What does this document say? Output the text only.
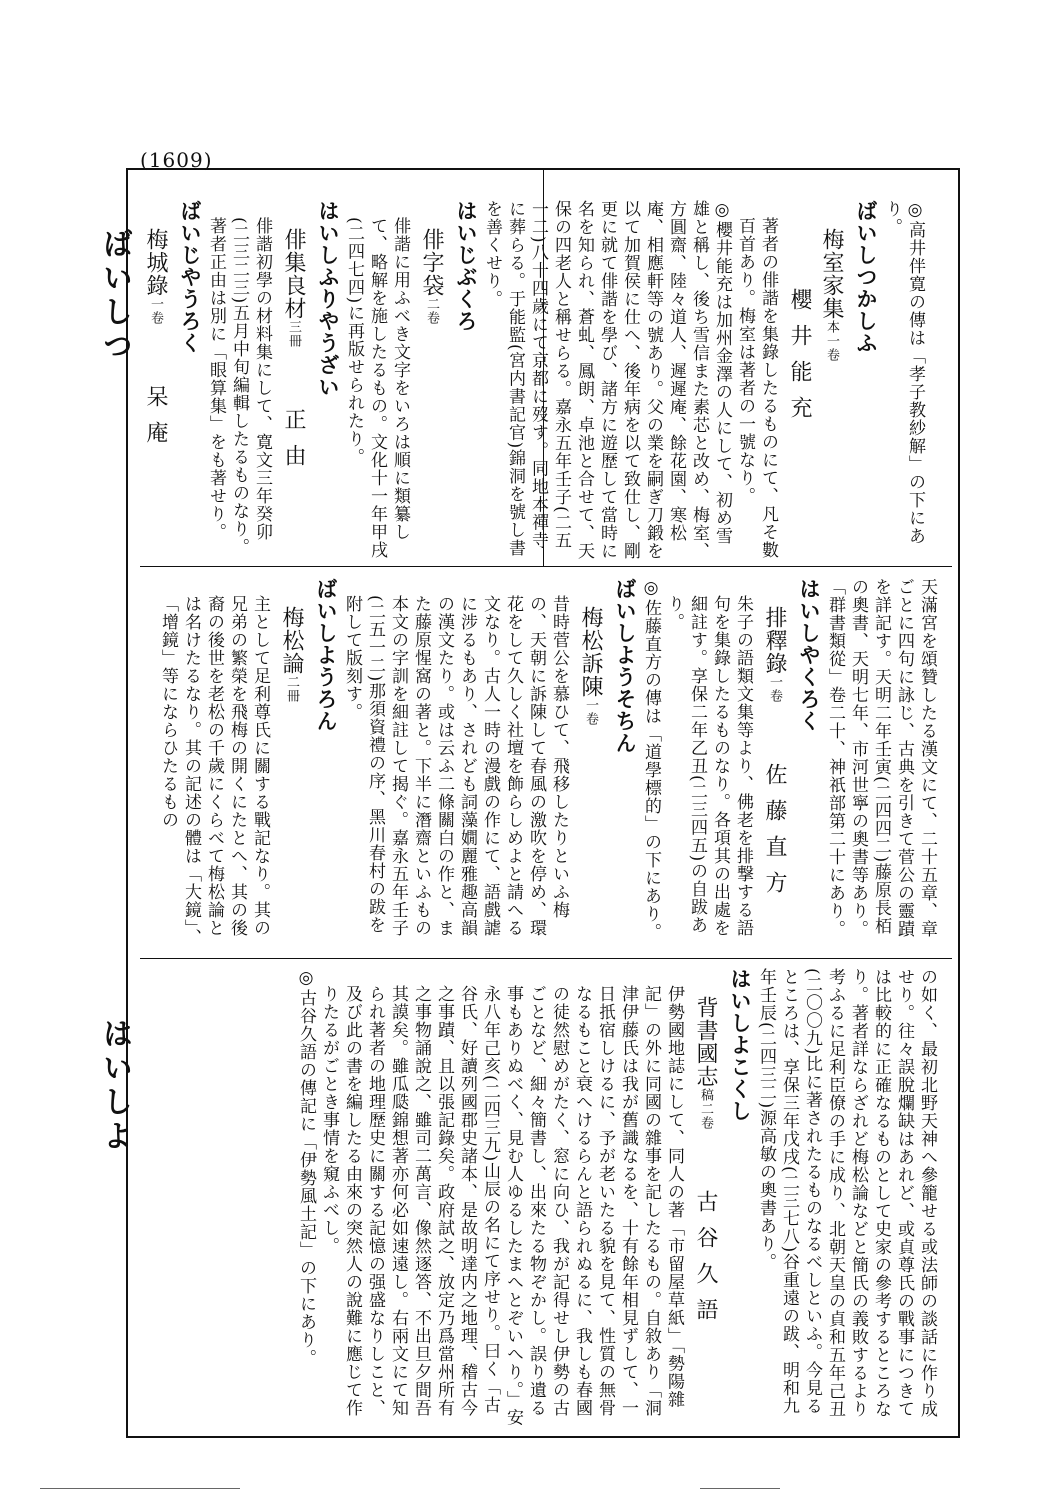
(1609)
ばいしつ
はいしよ
◎高井伴寛の傳は「孝子教紗解」の下にあり。
ばいしつかしふ
梅室家集本一卷櫻井能充
著者の俳諧を集錄したるものにて、凡そ數百首あり。梅室は著者の一號なり。
◎櫻井能充は加州金澤の人にして、初め雪雄と稱し、後ち雪信また素芯と改め、梅室、方圓齋、陸々道人、遲遲庵、餘花園、寒松庵、相應軒等の號あり。父の業を嗣ぎ刀鍛を以て加賀侯に仕へ、後年病を以て致仕し、剛更に就て俳諧を學び、諸方に遊歷して當時に名を知られ、蒼虬、鳳朗、卓池と合せて、天保の四老人と稱せらる。嘉永五年壬子(二五一二)八十四歲にて京都に歿す。同地本禪寺に葬らる。于能監(宮内書記官)錦洞を號し書を善くせり。
はいじぶくろ
俳字袋二卷
俳諧に用ふべき文字をいろは順に類纂して、略解を施したるもの。文化十一年甲戌(二四七四)に再版せられたり。
はいしふりやうざい
俳集良材三冊正由
俳諧初學の材料集にして、寛文三年癸卯(二三二三)五月中旬編輯したるものなり。著者正由は別に「眼算集」をも著せり。
ばいじやうろく
梅城錄一卷呆庵
天滿宮を頌贊したる漢文にて、二十五章、章ごとに四句に詠じ、古典を引きて菅公の靈蹟を詳記す。天明二年壬寅(二四四二)藤原長栢の奧書、天明七年、市河世寧の奧書等あり。「群書類從」卷二十、神祇部第二十にあり。
はいしやくろく
排釋錄一卷佐藤直方
朱子の語類文集等より、佛老を排撃する語句を集錄したるものなり。各項其の出處を細註す。享保二年乙丑(二三四五)の自跋あり。
◎佐藤直方の傳は「道學標的」の下にあり。
ばいしようそちん
梅松訴陳一卷
昔時菅公を慕ひて、飛移したりといふ梅の、天朝に訴陳して春風の激吹を停め、環花をして久しく社壇を飾らしめよと請へる文なり。古人一時の漫戲の作にて、語戲謔に涉るもあり、されども詞藻嫺麗雅趣高韻の漢文たり。或は云ふ二條關白の作と、また藤原惺窩の著と。下半に潛齋といふもの本文の字訓を細註して揭ぐ。嘉永五年壬子(二五一二)那須資禮の序、黑川春村の跋を附して版刻す。
ばいしようろん
梅松論二冊
主として足利尊氏に關する戰記なり。其の兄弟の繁榮を飛梅の開くにたとへ、其の後裔の後世を老松の千歲にくらべて梅松論とは名けたるなり。其の記述の體は「大鏡」、「增鏡」等にならひたるもの
の如く、最初北野天神へ參籠せる或法師の談話に作り成せり。往々誤脫爛缺はあれど、或貞尊氏の戰事につきては比較的に正確なるものとして史家の參考するところなり。著者詳ならざれど梅松論などと簡氏の義敗するより考ふるに足利臣僚の手に成り、北朝天皇の貞和五年己丑(二〇〇九)比に著されたるものなるべしといふ。今見るところは、享保三年戊戌(二三七八)谷重遠の跋、明和九年壬辰(二四三二)源高敏の奧書あり。
はいしよこくし
背書國志稿二卷古谷久語
伊勢國地誌にして、同人の著「市留屋草紙」「勢陽雜記」の外に同國の雜事を記したるもの。自敘あり「洞津伊藤氏は我が舊識なるを、十有餘年相見ずして、一日扺宿しけるに、予が老いたる貌を見て、性質の無骨なるもこと衰へけるらんと語られぬるに、我しも春國の徒然慰めがたく、窓に向ひ、我が記得せし伊勢の古ごとなど、細々簡書し、出來たる物ぞかし。誤り遺る事もありぬべく、見む人ゆるしたまへとぞいへり。」安永八年己亥(二四三九)山辰の名にて序せり。曰く「古谷氏、好讀列國郡史諸本、是故明達内之地理、稽古今之事蹟、且以張記錄矣。政府試之、放定乃爲當州所有之事物誦說之、雖司二萬言、像然逐答、不出旦夕間吾其謨矣。雖瓜瓞錦想著亦何必如速遠し。右兩文にて知られ著者の地理歷史に關する記憶の强盛なりしこと、及び此の書を編したる由來の突然人の說難に應じて作りたるがごとき事情を窺ふべし。
◎古谷久語の傳記に「伊勢風土記」の下にあり。
